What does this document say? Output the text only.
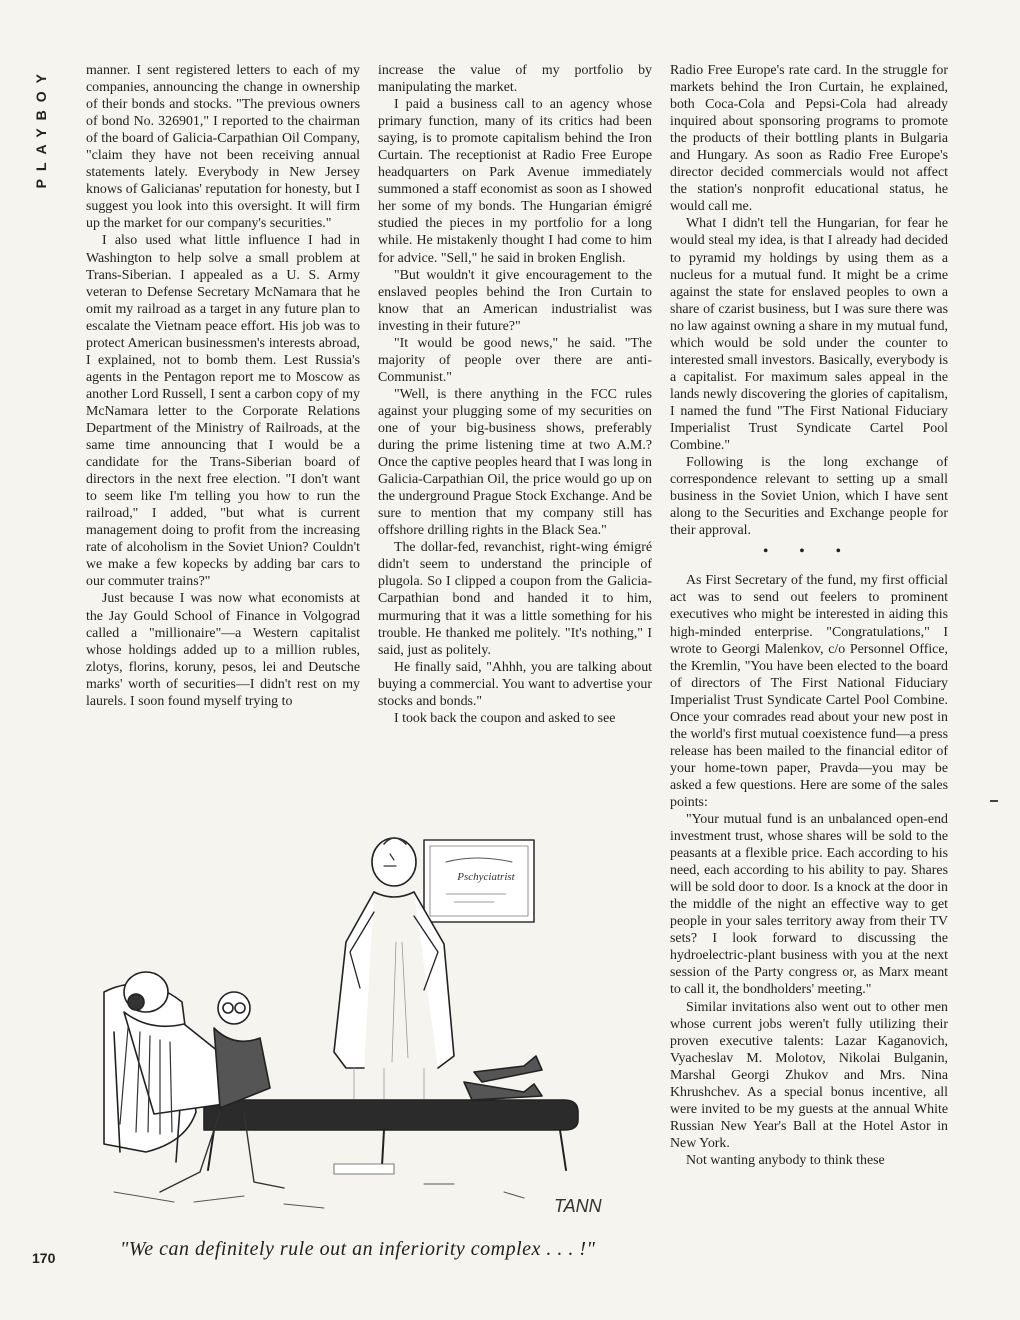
PLAYBOY	manner. I sent registered letters to each of my companies, announcing the change in ownership of their bonds and stocks. "The previous owners of bond No. 326901," I reported to the chairman of the board of Galicia-Carpathian Oil Company, "claim they have not been receiving annual statements lately. Everybody in New Jersey knows of Galicianas' reputation for honesty, but I suggest you look into this oversight. It will firm up the market for our company's securities."

I also used what little influence I had in Washington to help solve a small problem at Trans-Siberian. I appealed as a U. S. Army veteran to Defense Secretary McNamara that he omit my railroad as a target in any future plan to escalate the Vietnam peace effort. His job was to protect American businessmen's interests abroad, I explained, not to bomb them. Lest Russia's agents in the Pentagon report me to Moscow as another Lord Russell, I sent a carbon copy of my McNamara letter to the Corporate Relations Department of the Ministry of Railroads, at the same time announcing that I would be a candidate for the Trans-Siberian board of directors in the next free election. "I don't want to seem like I'm telling you how to run the railroad," I added, "but what is current management doing to profit from the increasing rate of alcoholism in the Soviet Union? Couldn't we make a few kopecks by adding bar cars to our commuter trains?"

Just because I was now what economists at the Jay Gould School of Finance in Volgograd called a "millionaire"—a Western capitalist whose holdings added up to a million rubles, zlotys, florins, koruny, pesos, lei and Deutsche marks' worth of securities—I didn't rest on my laurels. I soon found myself trying to

increase the value of my portfolio by manipulating the market.

I paid a business call to an agency whose primary function, many of its critics had been saying, is to promote capitalism behind the Iron Curtain. The receptionist at Radio Free Europe headquarters on Park Avenue immediately summoned a staff economist as soon as I showed her some of my bonds. The Hungarian émigré studied the pieces in my portfolio for a long while. He mistakenly thought I had come to him for advice. "Sell," he said in broken English.

"But wouldn't it give encouragement to the enslaved peoples behind the Iron Curtain to know that an American industrialist was investing in their future?"

"It would be good news," he said. "The majority of people over there are anti-Communist."

"Well, is there anything in the FCC rules against your plugging some of my securities on one of your big-business shows, preferably during the prime listening time at two A.M.? Once the captive peoples heard that I was long in Galicia-Carpathian Oil, the price would go up on the underground Prague Stock Exchange. And be sure to mention that my company still has offshore drilling rights in the Black Sea."

The dollar-fed, revanchist, right-wing émigré didn't seem to understand the principle of plugola. So I clipped a coupon from the Galicia-Carpathian bond and handed it to him, murmuring that it was a little something for his trouble. He thanked me politely. "It's nothing," I said, just as politely.

He finally said, "Ahhh, you are talking about buying a commercial. You want to advertise your stocks and bonds."

I took back the coupon and asked to see

Radio Free Europe's rate card. In the struggle for markets behind the Iron Curtain, he explained, both Coca-Cola and Pepsi-Cola had already inquired about sponsoring programs to promote the products of their bottling plants in Bulgaria and Hungary. As soon as Radio Free Europe's director decided commercials would not affect the station's nonprofit educational status, he would call me.

What I didn't tell the Hungarian, for fear he would steal my idea, is that I already had decided to pyramid my holdings by using them as a nucleus for a mutual fund. It might be a crime against the state for enslaved peoples to own a share of czarist business, but I was sure there was no law against owning a share in my mutual fund, which would be sold under the counter to interested small investors. Basically, everybody is a capitalist. For maximum sales appeal in the lands newly discovering the glories of capitalism, I named the fund "The First National Fiduciary Imperialist Trust Syndicate Cartel Pool Combine."

Following is the long exchange of correspondence relevant to setting up a small business in the Soviet Union, which I have sent along to the Securities and Exchange people for their approval.

• • •

As First Secretary of the fund, my first official act was to send out feelers to prominent executives who might be interested in aiding this high-minded enterprise. "Congratulations," I wrote to Georgi Malenkov, c/o Personnel Office, the Kremlin, "You have been elected to the board of directors of The First National Fiduciary Imperialist Trust Syndicate Cartel Pool Combine. Once your comrades read about your new post in the world's first mutual coexistence fund—a press release has been mailed to the financial editor of your home-town paper, Pravda—you may be asked a few questions. Here are some of the sales points:

"Your mutual fund is an unbalanced open-end investment trust, whose shares will be sold to the peasants at a flexible price. Each according to his need, each according to his ability to pay. Shares will be sold door to door. Is a knock at the door in the middle of the night an effective way to get people in your sales territory away from their TV sets? I look forward to discussing the hydroelectric-plant business with you at the next session of the Party congress or, as Marx meant to call it, the bondholders' meeting."

Similar invitations also went out to other men whose current jobs weren't fully utilizing their proven executive talents: Lazar Kaganovich, Vyacheslav M. Molotov, Nikolai Bulganin, Marshal Georgi Zhukov and Mrs. Nina Khrushchev. As a special bonus incentive, all were invited to be my guests at the annual White Russian New Year's Ball at the Hotel Astor in New York.

Not wanting anybody to think these

Pschyciatrist
TANN
"We can definitely rule out an inferiority complex . . . !"
170
